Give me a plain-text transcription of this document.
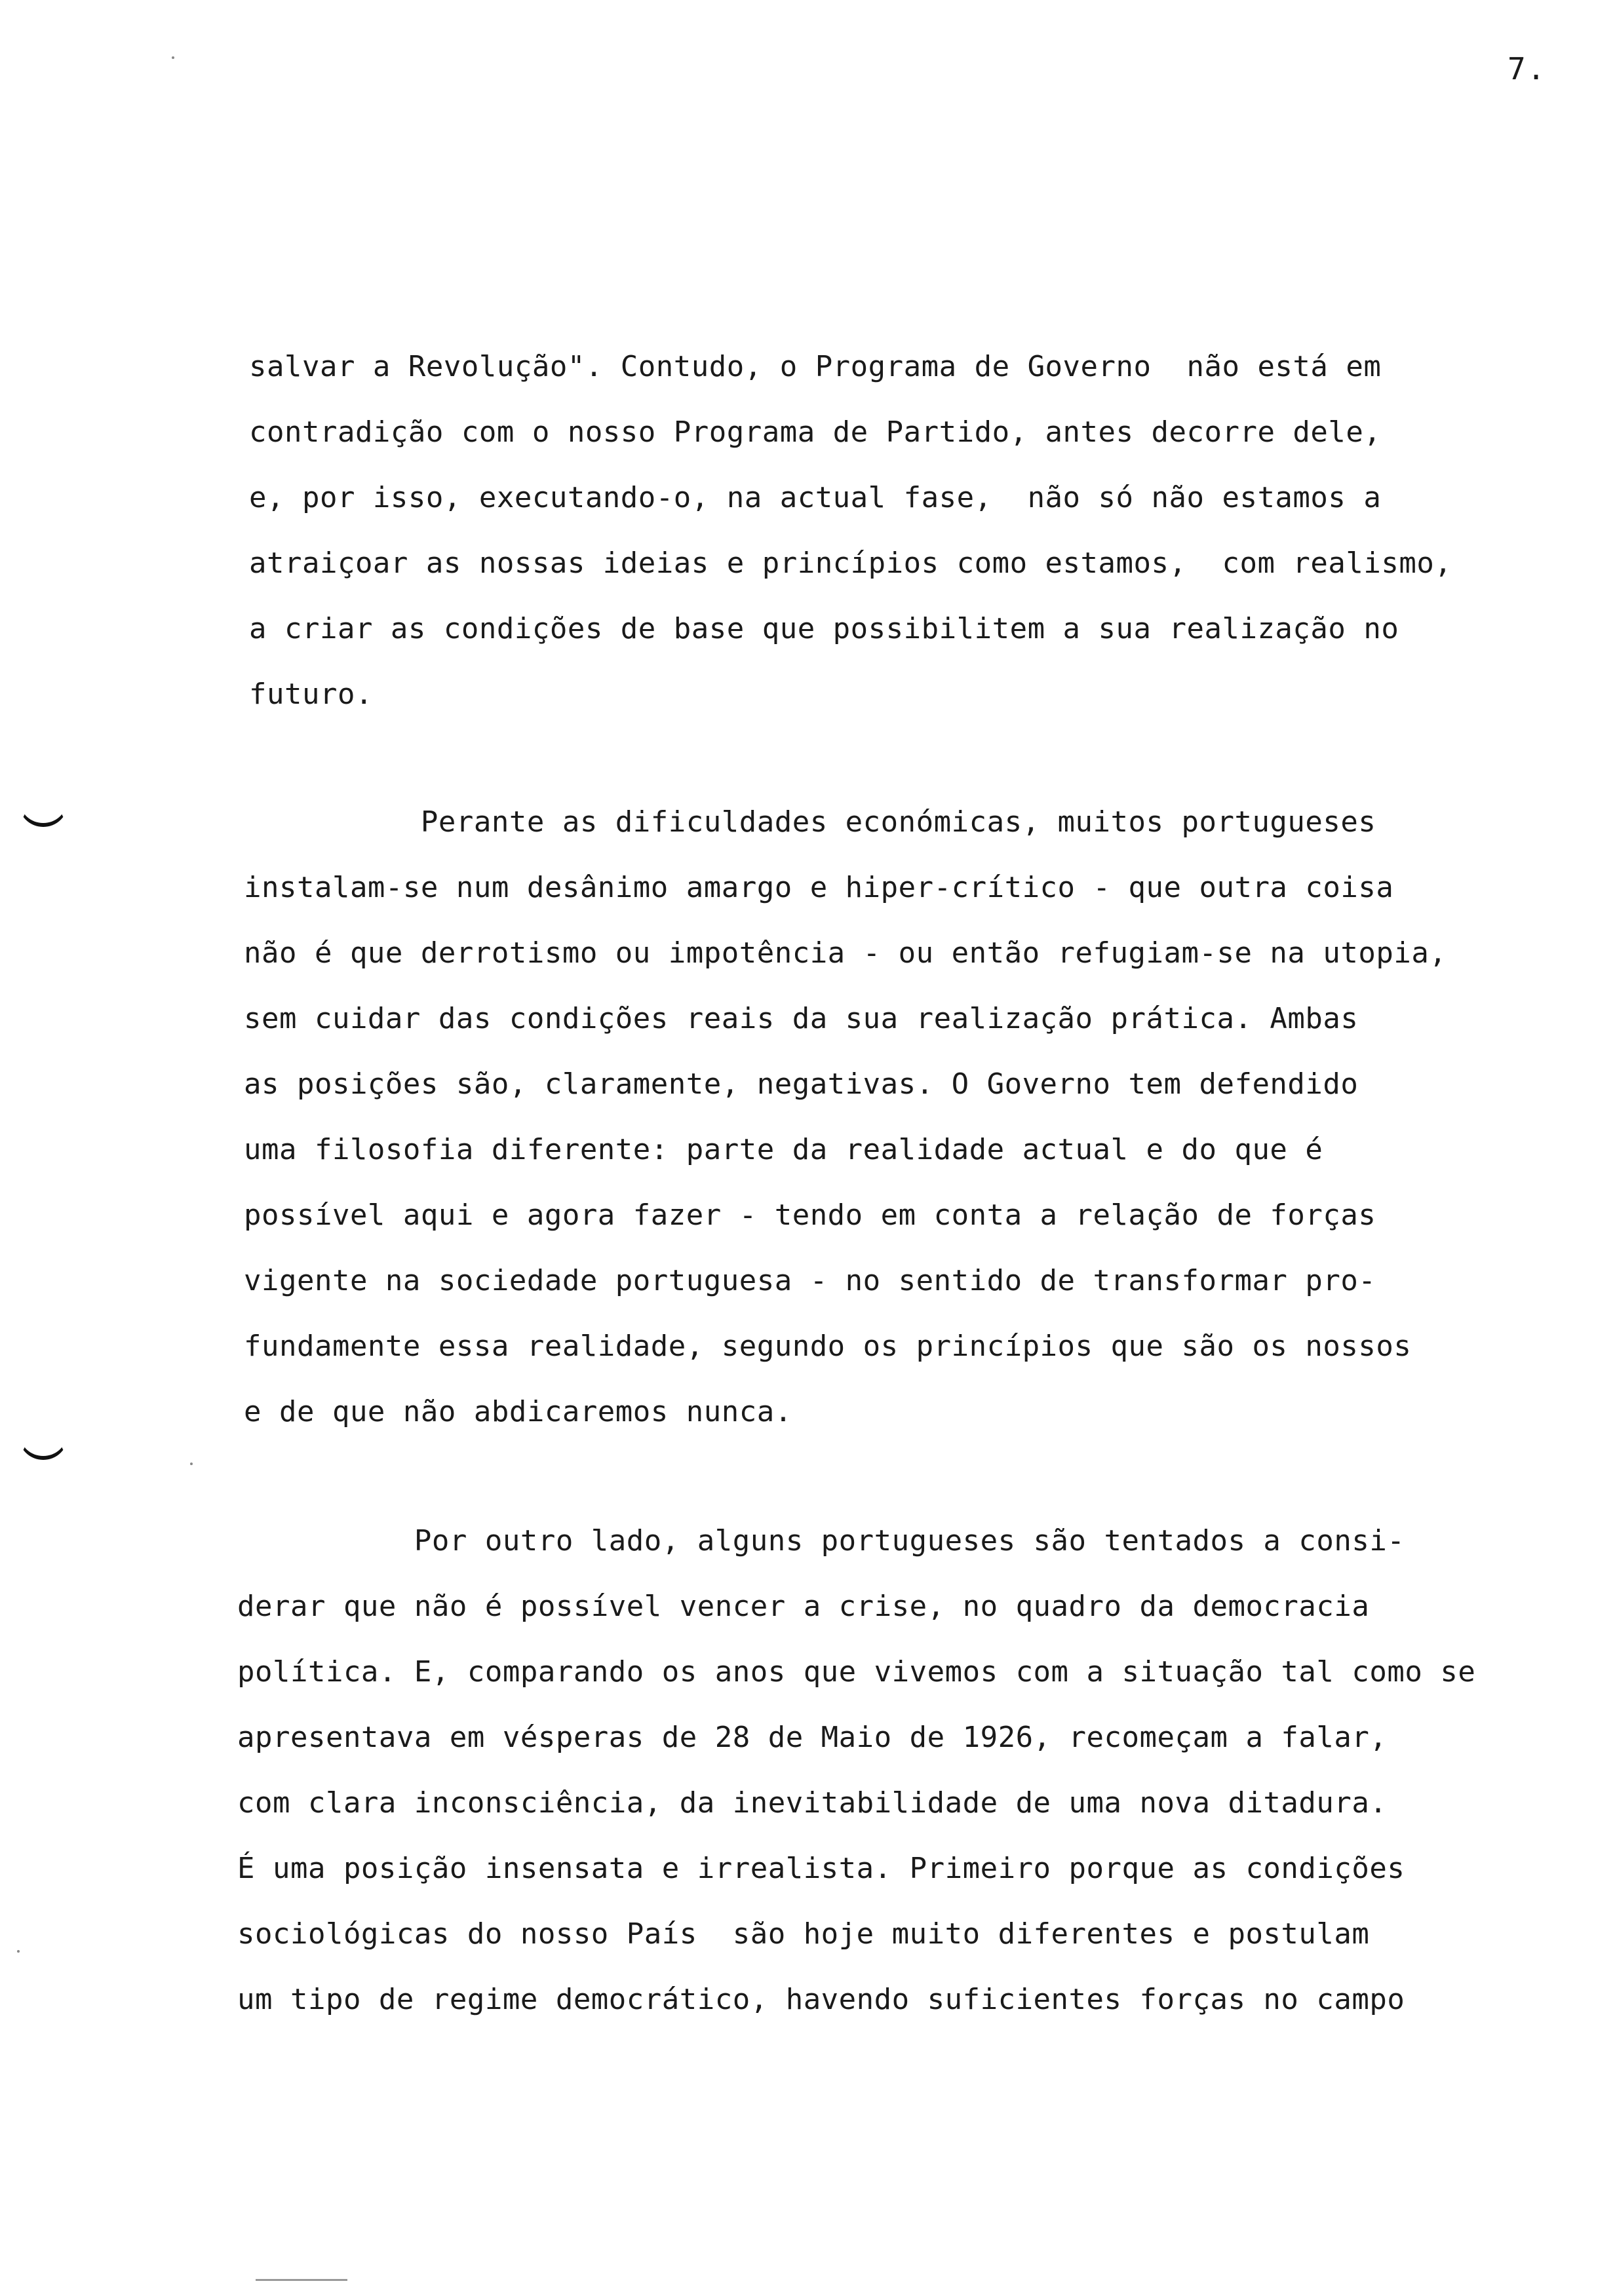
7.
salvar a Revolução". Contudo, o Programa de Governo  não está em
contradição com o nosso Programa de Partido, antes decorre dele,
e, por isso, executando-o, na actual fase,  não só não estamos a
atraiçoar as nossas ideias e princípios como estamos,  com realismo,
a criar as condições de base que possibilitem a sua realização no
futuro.
Perante as dificuldades económicas, muitos portugueses
instalam-se num desânimo amargo e hiper-crítico - que outra coisa
não é que derrotismo ou impotência - ou então refugiam-se na utopia,
sem cuidar das condições reais da sua realização prática. Ambas
as posições são, claramente, negativas. O Governo tem defendido
uma filosofia diferente: parte da realidade actual e do que é
possível aqui e agora fazer - tendo em conta a relação de forças
vigente na sociedade portuguesa - no sentido de transformar pro-
fundamente essa realidade, segundo os princípios que são os nossos
e de que não abdicaremos nunca.
Por outro lado, alguns portugueses são tentados a consi-
derar que não é possível vencer a crise, no quadro da democracia
política. E, comparando os anos que vivemos com a situação tal como se
apresentava em vésperas de 28 de Maio de 1926, recomeçam a falar,
com clara inconsciência, da inevitabilidade de uma nova ditadura.
É uma posição insensata e irrealista. Primeiro porque as condições
sociológicas do nosso País  são hoje muito diferentes e postulam
um tipo de regime democrático, havendo suficientes forças no campo
